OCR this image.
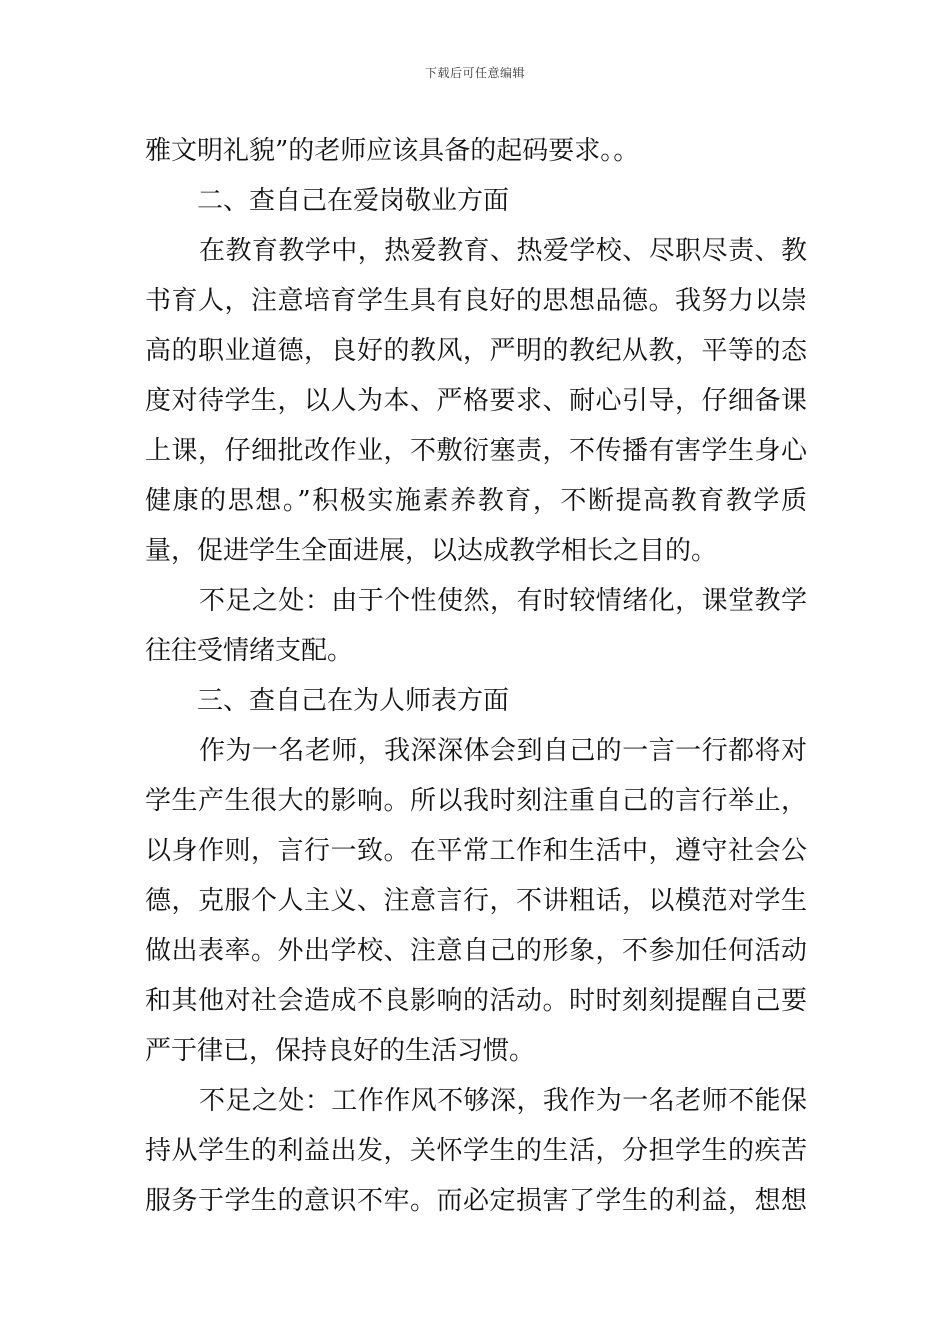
下载后可任意编辑
雅文明礼貌”的老师应该具备的起码要求。。
二、查自己在爱岗敬业方面
在教育教学中，热爱教育、热爱学校、尽职尽责、教
书育人，注意培育学生具有良好的思想品德。我努力以崇
高的职业道德，良好的教风，严明的教纪从教，平等的态
度对待学生，以人为本、严格要求、耐心引导，仔细备课
上课，仔细批改作业，不敷衍塞责，不传播有害学生身心
健康的思想。”积极实施素养教育，不断提高教育教学质
量，促进学生全面进展，以达成教学相长之目的。
不足之处：由于个性使然，有时较情绪化，课堂教学
往往受情绪支配。
三、查自己在为人师表方面
作为一名老师，我深深体会到自己的一言一行都将对
学生产生很大的影响。所以我时刻注重自己的言行举止，
以身作则，言行一致。在平常工作和生活中，遵守社会公
德，克服个人主义、注意言行，不讲粗话，以模范对学生
做出表率。外出学校、注意自己的形象，不参加任何活动
和其他对社会造成不良影响的活动。时时刻刻提醒自己要
严于律已，保持良好的生活习惯。
不足之处：工作作风不够深，我作为一名老师不能保
持从学生的利益出发，关怀学生的生活，分担学生的疾苦
服务于学生的意识不牢。而必定损害了学生的利益，想想
